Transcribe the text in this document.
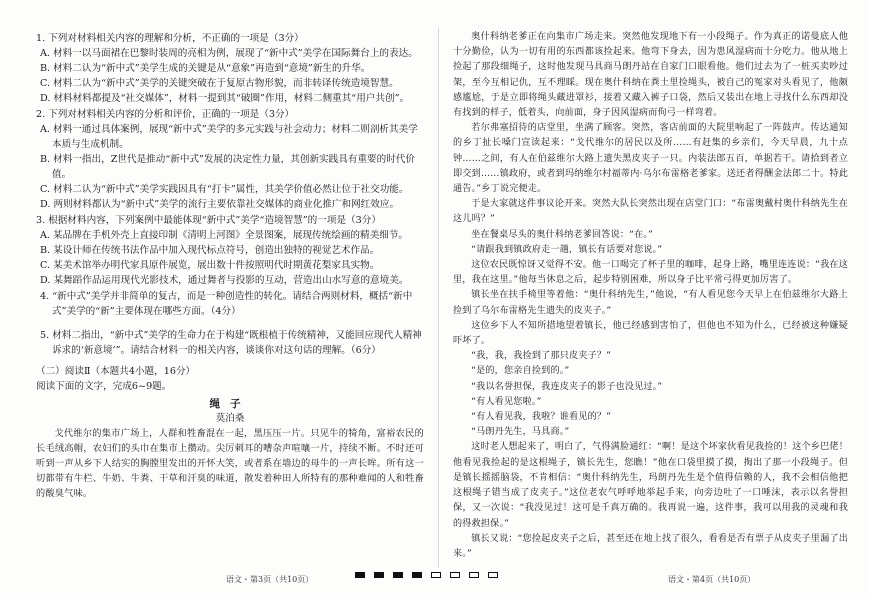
1. 下列对材料相关内容的理解和分析，不正确的一项是（3分）
A. 材料一以马面裙在巴黎时装周的亮相为例，展现了“新中式”美学在国际舞台上的表达。
B. 材料二认为“新中式”美学生成的关键是从“意象”再造到“意境”新生的升华。
C. 材料二认为“新中式”美学的关键突破在于复原古物形貌，而非转译传统造境智慧。
D. 材料材料都提及“社交媒体”，材料一提到其“破圈”作用，材料二侧重其“用户共创”。
2. 下列对材料相关内容的分析和评价，正确的一项是（3分）
A. 材料一通过具体案例，展现“新中式”美学的多元实践与社会动力；材料二则剖析其美学本质与生成机制。
B. 材料一指出，Z世代是推动“新中式”发展的决定性力量，其创新实践具有重要的时代价值。
C. 材料二认为“新中式”美学实践因具有“打卡”属性，其美学价值必然让位于社交功能。
D. 两则材料都认为“新中式”美学的流行主要依靠社交媒体的商业化推广和网红效应。
3. 根据材料内容，下列案例中最能体现“新中式”美学“造境智慧”的一项是（3分）
A. 某品牌在手机外壳上直接印制《清明上河图》全景图案，展现传统绘画的精美细节。
B. 某设计师在传统书法作品中加入现代标点符号，创造出独特的视觉艺术作品。
C. 某美术馆举办明代家具原件展览，展出数十件按照明代时期黄花梨家具实物。
D. 某舞蹈作品运用现代光影技术，通过舞者与投影的互动，营造出山水写意的意境美。
4. “新中式”美学并非简单的复古，而是一种创造性的转化。请结合两则材料，概括“新中式”美学的“新”主要体现在哪些方面。（4分）
5. 材料二指出，“新中式”美学的生命力在于构建“既根植于传统精神，又能回应现代人精神诉求的‘新意境’”。请结合材料一的相关内容，谈谈你对这句话的理解。（6分）
（二）阅读Ⅱ（本题共4小题，16分）
阅读下面的文字，完成6~9题。
绳子
莫泊桑
戈代维尔的集市广场上，人群和牲畜混在一起，黑压压一片。只见牛的犄角，富裕农民的长毛绒高帽，农妇们的头巾在集市上攒动。尖厉刺耳的嘈杂声喧嚷一片，持续不断。不时还可听到一声从乡下人结实的胸膛里发出的开怀大笑，或者系在墙边的母牛的一声长哞。所有这一切都带有牛栏、牛奶、牛粪、干草和汗臭的味道，散发着种田人所特有的那种难闻的人和牲畜的酸臭气味。
奥什科纳老爹正在向集市广场走来。突然他发现地下有一小段绳子。作为真正的诺曼底人他十分勤俭，认为一切有用的东西都该捡起来。他弯下身去，因为患风湿病而十分吃力。他从地上捡起了那段细绳子，这时他发现马具商马朗丹站在自家门口眼看他。他们过去为了一桩买卖吵过架，至今互相记仇，互不理睬。现在奥什科纳在粪土里捡绳头，被自己的冤家对头看见了，他颇感尴尬，于是立即将绳头藏进罩衫，接着又藏入裤子口袋，然后又装出在地上寻找什么东西却没有找到的样子，低着头，向前面，身子因风湿病而佝弓一样弯着。
若尔弗塞招待的店堂里，坐满了顾客。突然，客店前面的大院里响起了一阵鼓声。传达通知的乡丁扯长嗓门宣读起来：“戈代维尔的居民以及所……有赶集的乡亲们，今天早晨，九十点钟……之间，有人在伯兹维尔大路上遗失黑皮夹子一只。内装法郎五百，单据若干。请拾到者立即交到……镇政府，或者到玛纳维尔村福蒂内·乌尔布雷格老爹家。送还者得酬金法郎二十。特此通告。”乡丁说完便走。
于是大家就这件事议论开来。突然大队长突然出现在店堂门口：“布雷奥戴村奥什科纳先生在这儿吗？”
坐在餐桌尽头的奥什科纳老爹回答说：“在。”
“请跟我到镇政府走一趟，镇长有话要对您说。”
这位农民既惊讶又觉得不安。他一口喝完了杯子里的咖啡，起身上路，嘴里连连说：“我在这里，我在这里。”他每当休息之后，起步特别困难，所以身子比平常弓得更加厉害了。
镇长坐在扶手椅里等着他：“奥什科纳先生，”他说，“有人看见您今天早上在伯兹维尔大路上捡到了乌尔布雷格先生遗失的皮夹子。”
这位乡下人不知所措地望着镇长，他已经感到害怕了，但他也不知为什么，已经被这种嫌疑吓坏了。
“我，我，我捡到了那只皮夹子？”
“是的，您亲自捡到的。”
“我以名誉担保，我连皮夹子的影子也没见过。”
“有人看见您啦。”
“有人看见我，我啦？谁看见的？”
“马朗丹先生，马具商。”
这时老人想起来了，明白了，气得满脸通红：“啊！是这个坏家伙看见我捡的！这个乡巴佬！他看见我捡起的是这根绳子，镇长先生，您瞧！”他在口袋里摸了摸，掏出了那一小段绳子。但是镇长摇摇脑袋，不肯相信：“奥什科纳先生，玛朗丹先生是个值得信赖的人，我不会相信他把这根绳子错当成了皮夹子。”这位老农气呼呼地举起手来，向旁边吐了一口唾沫，表示以名誉担保，又一次说：“我没见过！这可是千真万确的。我再说一遍，这件事，我可以用我的灵魂和我的得救担保。”
镇长又说：“您捡起皮夹子之后，甚至还在地上找了很久，看看是否有票子从皮夹子里漏了出来。”
语文・第3页（共10页）	语文・第4页（共10页）
